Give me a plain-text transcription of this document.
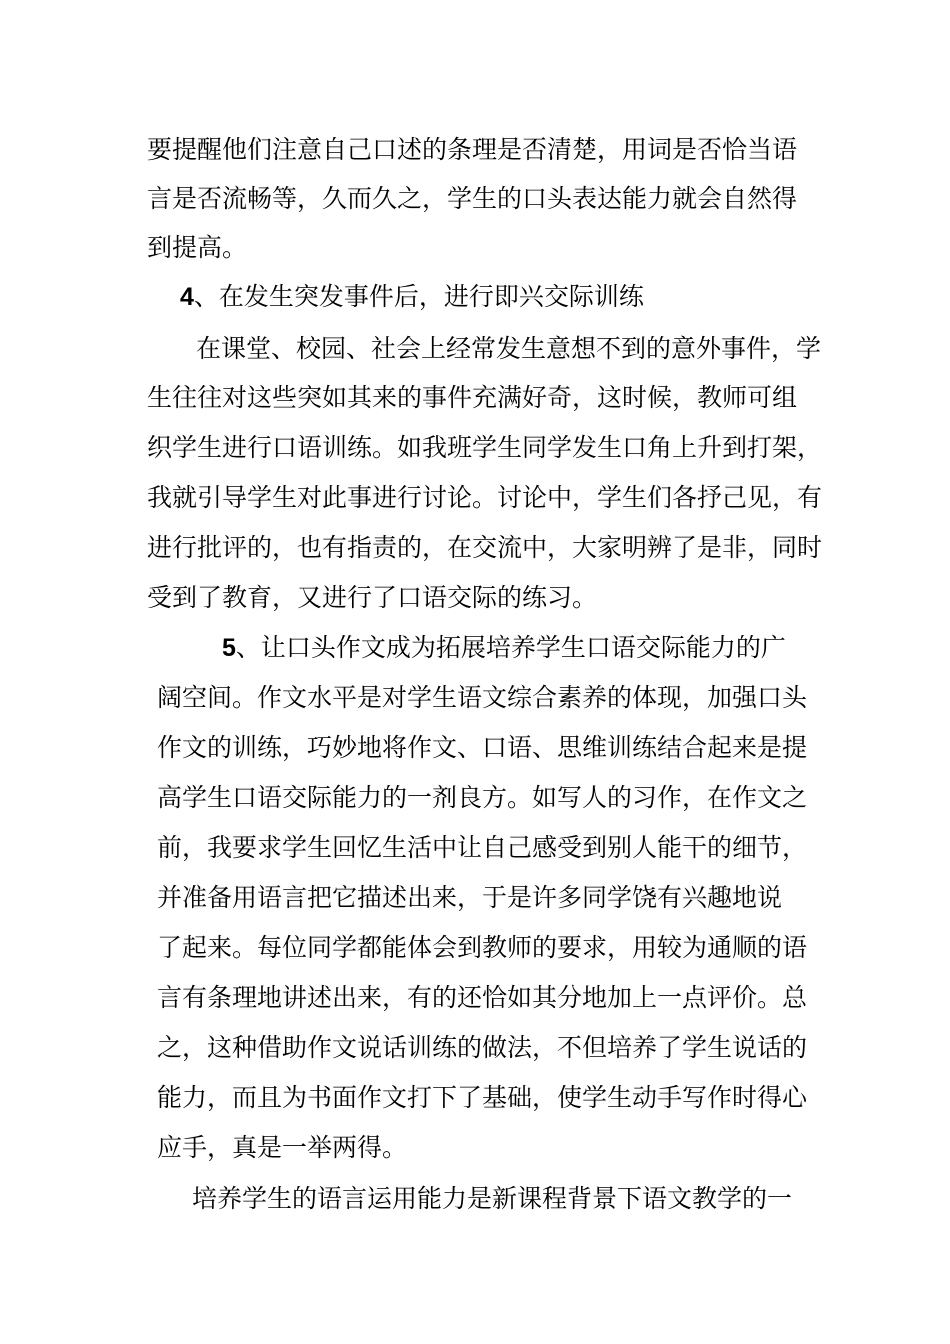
要提醒他们注意自己口述的条理是否清楚，用词是否恰当语
言是否流畅等，久而久之，学生的口头表达能力就会自然得
到提高。
4、在发生突发事件后，进行即兴交际训练
在课堂、校园、社会上经常发生意想不到的意外事件，学
生往往对这些突如其来的事件充满好奇，这时候，教师可组
织学生进行口语训练。如我班学生同学发生口角上升到打架，
我就引导学生对此事进行讨论。讨论中，学生们各抒己见，有
进行批评的，也有指责的，在交流中，大家明辨了是非，同时
受到了教育，又进行了口语交际的练习。
5、让口头作文成为拓展培养学生口语交际能力的广
阔空间。作文水平是对学生语文综合素养的体现，加强口头
作文的训练，巧妙地将作文、口语、思维训练结合起来是提
高学生口语交际能力的一剂良方。如写人的习作，在作文之
前，我要求学生回忆生活中让自己感受到别人能干的细节，
并准备用语言把它描述出来，于是许多同学饶有兴趣地说
了起来。每位同学都能体会到教师的要求，用较为通顺的语
言有条理地讲述出来，有的还恰如其分地加上一点评价。总
之，这种借助作文说话训练的做法，不但培养了学生说话的
能力，而且为书面作文打下了基础，使学生动手写作时得心
应手，真是一举两得。
培养学生的语言运用能力是新课程背景下语文教学的一
